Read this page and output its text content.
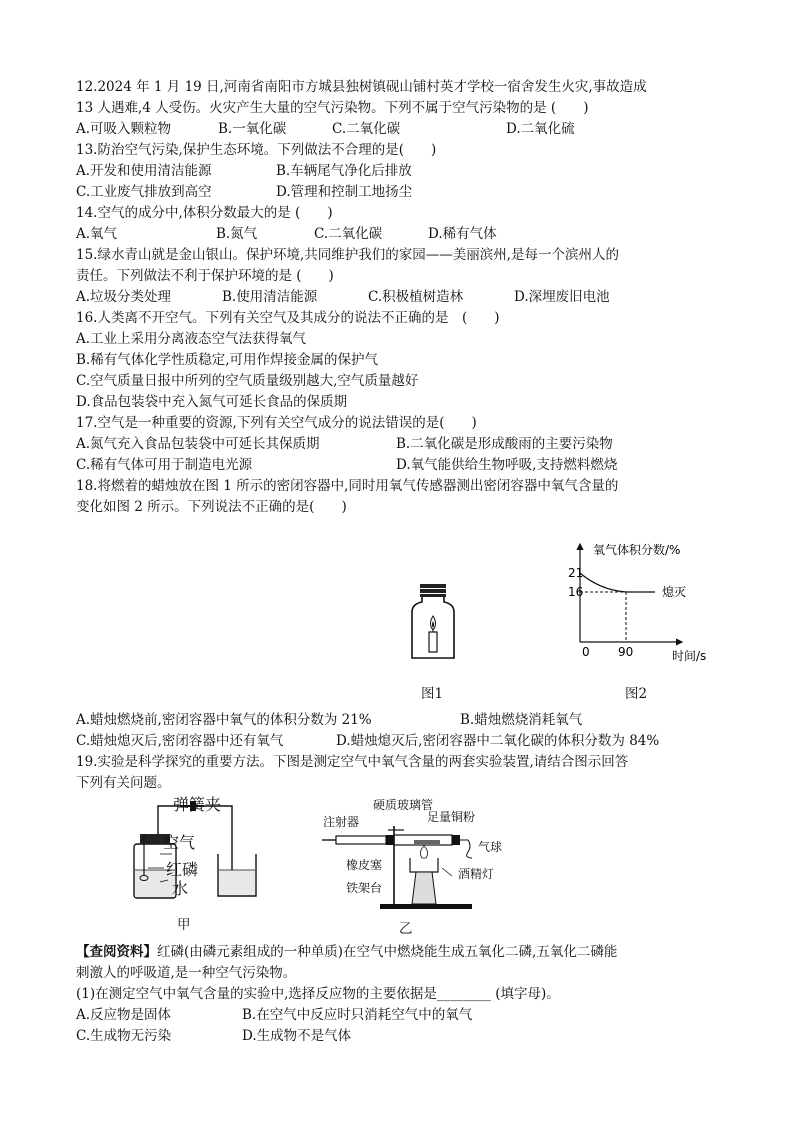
12.2024 年 1 月 19 日,河南省南阳市方城县独树镇砚山铺村英才学校一宿舍发生火灾,事故造成
13 人遇难,4 人受伤。火灾产生大量的空气污染物。下列不属于空气污染物的是 (　　)
A.可吸入颗粒物	B.一氧化碳	C.二氧化碳	D.二氧化硫
13.防治空气污染,保护生态环境。下列做法不合理的是(　　)
A.开发和使用清洁能源	B.车辆尾气净化后排放
C.工业废气排放到高空	D.管理和控制工地扬尘
14.空气的成分中,体积分数最大的是 (　　)
A.氧气	B.氮气	C.二氧化碳	D.稀有气体
15.绿水青山就是金山银山。保护环境,共同维护我们的家园——美丽滨州,是每一个滨州人的
责任。下列做法不利于保护环境的是 (　　)
A.垃圾分类处理	B.使用清洁能源	C.积极植树造林	D.深埋废旧电池
16.人类离不开空气。下列有关空气及其成分的说法不正确的是　(　　)
A.工业上采用分离液态空气法获得氧气
B.稀有气体化学性质稳定,可用作焊接金属的保护气
C.空气质量日报中所列的空气质量级别越大,空气质量越好
D.食品包装袋中充入氮气可延长食品的保质期
17.空气是一种重要的资源,下列有关空气成分的说法错误的是(　　)
A.氮气充入食品包装袋中可延长其保质期	B.二氧化碳是形成酸雨的主要污染物
C.稀有气体可用于制造电光源	D.氧气能供给生物呼吸,支持燃料燃烧
18.将燃着的蜡烛放在图 1 所示的密闭容器中,同时用氧气传感器测出密闭容器中氧气含量的
变化如图 2 所示。下列说法不正确的是(　　)
图1
氧气体积分数/%
时间/s
0 90
21
16	熄灭
图2
A.蜡烛燃烧前,密闭容器中氧气的体积分数为 21%	B.蜡烛燃烧消耗氧气
C.蜡烛熄灭后,密闭容器中还有氧气	D.蜡烛熄灭后,密闭容器中二氧化碳的体积分数为 84%
19.实验是科学探究的重要方法。下图是测定空气中氧气含量的两套实验装置,请结合图示回答
下列有关问题。
弹簧夹
空气
红磷
水
甲
硬质玻璃管
注射器	足量铜粉
气球
橡皮塞
酒精灯
铁架台
乙
【查阅资料】红磷(由磷元素组成的一种单质)在空气中燃烧能生成五氧化二磷,五氧化二磷能
刺激人的呼吸道,是一种空气污染物。
(1)在测定空气中氧气含量的实验中,选择反应物的主要依据是________ (填字母)。
A.反应物是固体	B.在空气中反应时只消耗空气中的氧气
C.生成物无污染	D.生成物不是气体
